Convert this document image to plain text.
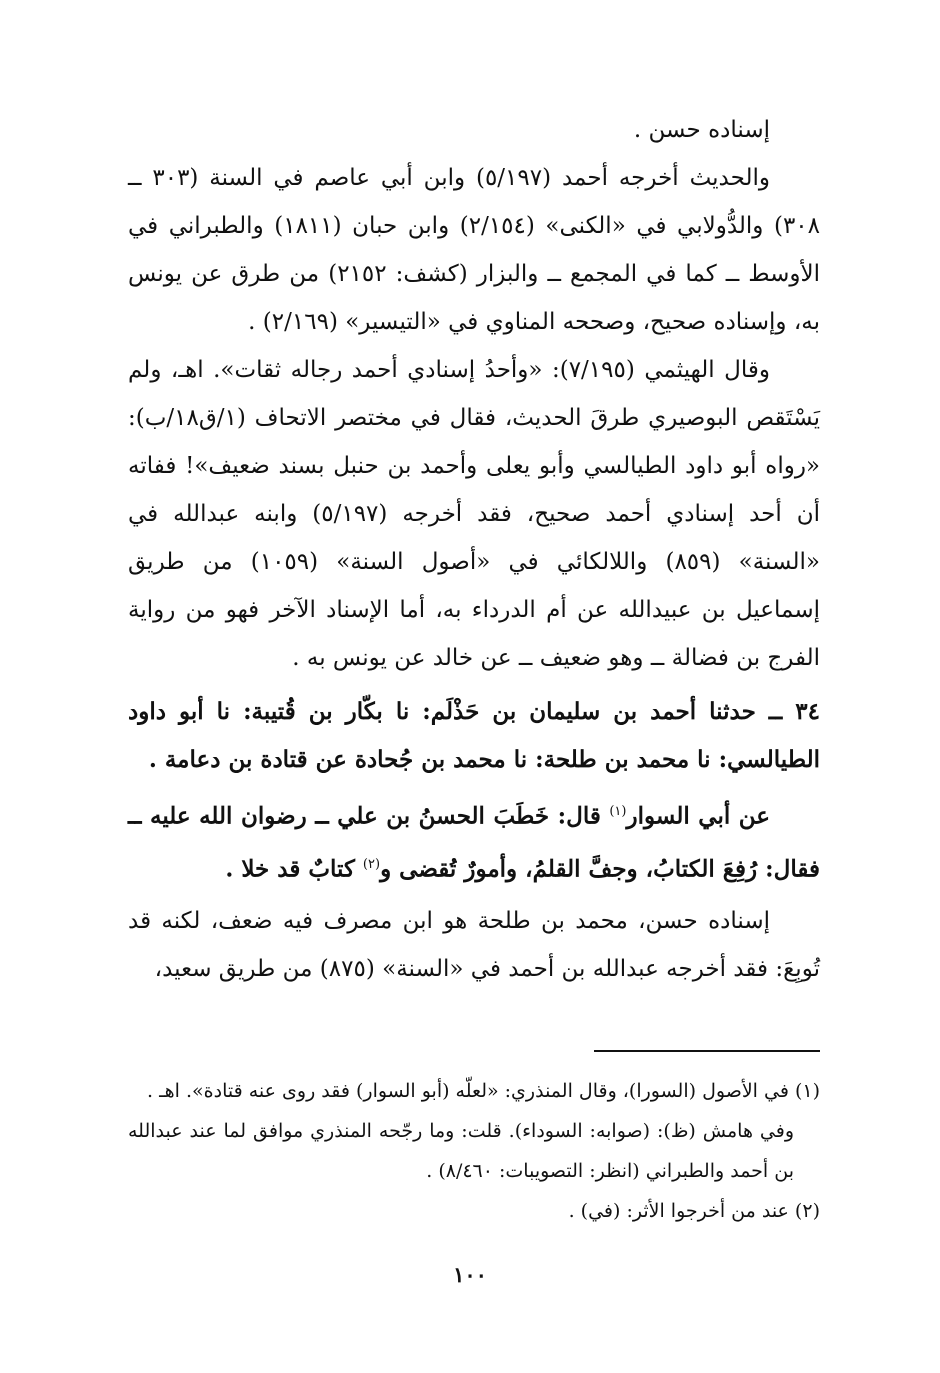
إسناده حسن .

والحديث أخرجه أحمد (٥/١٩٧) وابن أبي عاصم في السنة (٣٠٣ ــ ٣٠٨) والدُّولابي في «الكنى» (٢/١٥٤) وابن حبان (١٨١١) والطبراني في الأوسط ــ كما في المجمع ــ والبزار (كشف: ٢١٥٢) من طرق عن يونس به، وإسناده صحيح، وصححه المناوي في «التيسير» (٢/١٦٩) .

وقال الهيثمي (٧/١٩٥): «وأحدُ إسنادي أحمد رجاله ثقات». اهـ، ولم يَسْتَقص البوصيري طرقَ الحديث، فقال في مختصر الاتحاف (١/ق١٨/ب): «رواه أبو داود الطيالسي وأبو يعلى وأحمد بن حنبل بسند ضعيف»! ففاته أن أحد إسنادي أحمد صحيح، فقد أخرجه (٥/١٩٧) وابنه عبدالله في «السنة» (٨٥٩) واللالكائي في «أصول السنة» (١٠٥٩) من طريق إسماعيل بن عبيدالله عن أم الدرداء به، أما الإسناد الآخر فهو من رواية الفرج بن فضالة ــ وهو ضعيف ــ عن خالد عن يونس به .

٣٤ ــ حدثنا أحمد بن سليمان بن حَذْلَم: نا بكّار بن قُتيبة: نا أبو داود الطيالسي: نا محمد بن طلحة: نا محمد بن جُحادة عن قتادة بن دعامة .

عن أبي السوار$^{(١)}$ قال: خَطَبَ الحسنُ بن علي ــ رضوان الله عليه ــ فقال: رُفِعَ الكتابُ، وجفَّ القلمُ، وأمورٌ تُقضى و$^{(٢)}$ كتابٌ قد خلا .

إسناده حسن، محمد بن طلحة هو ابن مصرف فيه ضعف، لكنه قد تُوبِعَ: فقد أخرجه عبدالله بن أحمد في «السنة» (٨٧٥) من طريق سعيد،

(١) في الأصول (السورا)، وقال المنذري: «لعلّه (أبو السوار) فقد روى عنه قتادة». اهـ .

وفي هامش (ظ): (صوابه: السوداء). قلت: وما رجّحه المنذري موافق لما عند عبدالله بن أحمد والطبراني (انظر: التصويبات: ٨/٤٦٠) .

(٢) عند من أخرجوا الأثر: (في) .

١٠٠
